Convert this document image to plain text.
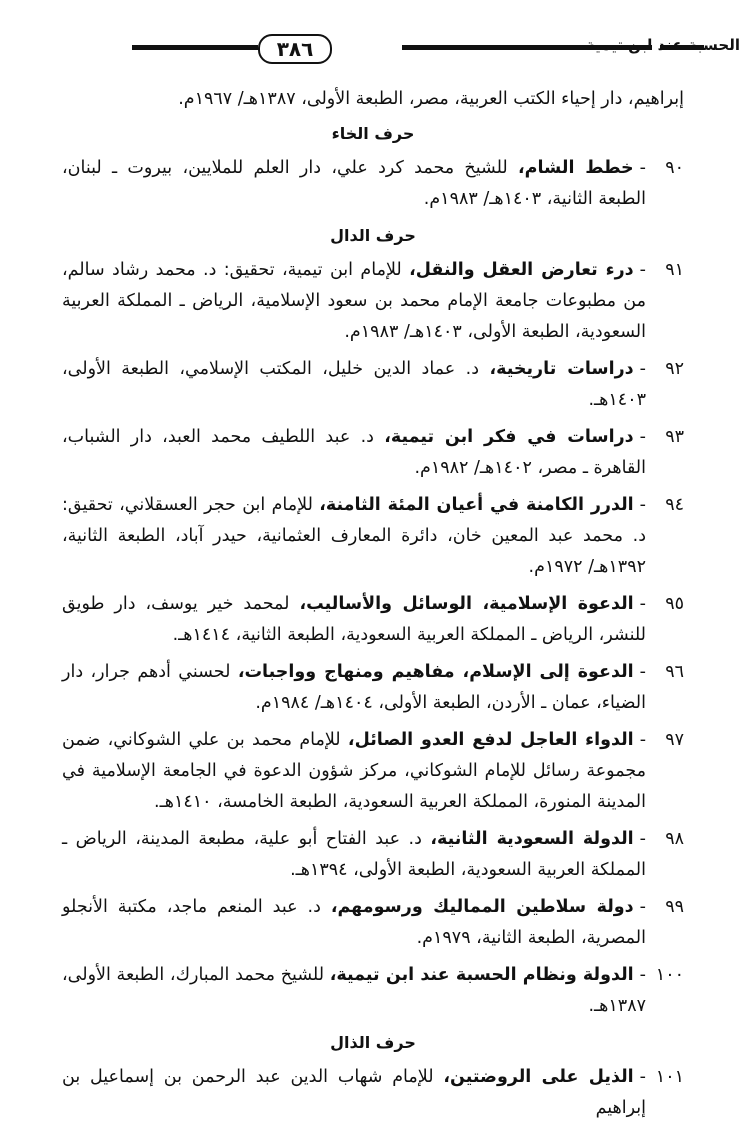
٣٨٦	الحسبة عند ابن تيمية

إبراهيم، دار إحياء الكتب العربية، مصر، الطبعة الأولى، ١٣٨٧هـ/ ١٩٦٧م.

حرف الخاء
٩٠
-خطط الشام، للشيخ محمد كرد علي، دار العلم للملايين، بيروت ـ لبنان، الطبعة الثانية، ١٤٠٣هـ/ ١٩٨٣م.
حرف الدال
٩١
-درء تعارض العقل والنقل، للإمام ابن تيمية، تحقيق: د. محمد رشاد سالم، من مطبوعات جامعة الإمام محمد بن سعود الإسلامية، الرياض ـ المملكة العربية السعودية، الطبعة الأولى، ١٤٠٣هـ/ ١٩٨٣م.
٩٢
-دراسات تاريخية، د. عماد الدين خليل، المكتب الإسلامي، الطبعة الأولى، ١٤٠٣هـ.
٩٣
-دراسات في فكر ابن تيمية، د. عبد اللطيف محمد العبد، دار الشباب، القاهرة ـ مصر، ١٤٠٢هـ/ ١٩٨٢م.
٩٤
-الدرر الكامنة في أعيان المئة الثامنة، للإمام ابن حجر العسقلاني، تحقيق: د. محمد عبد المعين خان، دائرة المعارف العثمانية، حيدر آباد، الطبعة الثانية، ١٣٩٢هـ/ ١٩٧٢م.
٩٥
-الدعوة الإسلامية، الوسائل والأساليب، لمحمد خير يوسف، دار طويق للنشر، الرياض ـ المملكة العربية السعودية، الطبعة الثانية، ١٤١٤هـ.
٩٦
-الدعوة إلى الإسلام، مفاهيم ومنهاج وواجبات، لحسني أدهم جرار، دار الضياء، عمان ـ الأردن، الطبعة الأولى، ١٤٠٤هـ/ ١٩٨٤م.
٩٧
-الدواء العاجل لدفع العدو الصائل، للإمام محمد بن علي الشوكاني، ضمن مجموعة رسائل للإمام الشوكاني، مركز شؤون الدعوة في الجامعة الإسلامية في المدينة المنورة، المملكة العربية السعودية، الطبعة الخامسة، ١٤١٠هـ.
٩٨
-الدولة السعودية الثانية، د. عبد الفتاح أبو علية، مطبعة المدينة، الرياض ـ المملكة العربية السعودية، الطبعة الأولى، ١٣٩٤هـ.
٩٩
-دولة سلاطين المماليك ورسومهم، د. عبد المنعم ماجد، مكتبة الأنجلو المصرية، الطبعة الثانية، ١٩٧٩م.
١٠٠
-الدولة ونظام الحسبة عند ابن تيمية، للشيخ محمد المبارك، الطبعة الأولى، ١٣٨٧هـ.
حرف الذال
١٠١
-الذيل على الروضتين، للإمام شهاب الدين عبد الرحمن بن إسماعيل بن إبراهيم
